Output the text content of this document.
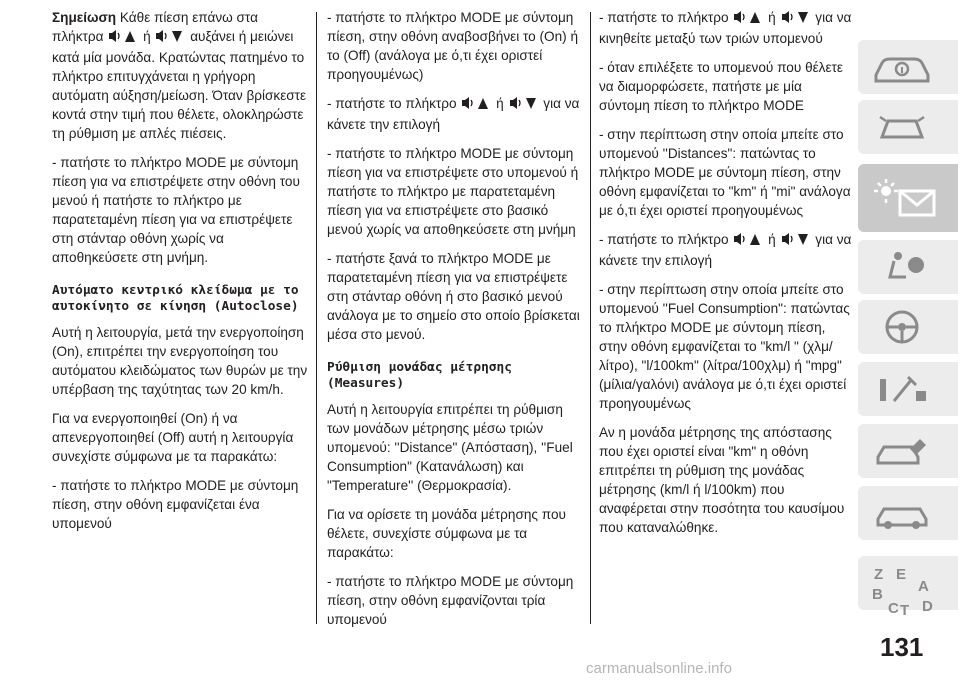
Σημείωση Κάθε πίεση επάνω στα πλήκτρα	ή	αυξάνει ή μειώνει κατά μία μονάδα. Κρατώντας πατημένο το πλήκτρο επιτυγχάνεται η γρήγορη αυτόματη αύξηση/μείωση. Όταν βρίσκεστε κοντά στην τιμή που θέλετε, ολοκληρώστε τη ρύθμιση με απλές πιέσεις.

- πατήστε το πλήκτρο MODE με σύντομη πίεση για να επιστρέψετε στην οθόνη του μενού ή πατήστε το πλήκτρο με παρατεταμένη πίεση για να επιστρέψετε στη στάνταρ οθόνη χωρίς να αποθηκεύσετε στη μνήμη.

Αυτόματο κεντρικό κλείδωμα με το αυτοκίνητο σε κίνηση (Autoclose)

Αυτή η λειτουργία, μετά την ενεργοποίηση (On), επιτρέπει την ενεργοποίηση του αυτόματου κλειδώματος των θυρών με την υπέρβαση της ταχύτητας των 20 km/h.

Για να ενεργοποιηθεί (On) ή να απενεργοποιηθεί (Off) αυτή η λειτουργία συνεχίστε σύμφωνα με τα παρακάτω:

- πατήστε το πλήκτρο MODE με σύντομη πίεση, στην οθόνη εμφανίζεται ένα υπομενού

- πατήστε το πλήκτρο MODE με σύντομη πίεση, στην οθόνη αναβοσβήνει το (On) ή το (Off) (ανάλογα με ό,τι έχει οριστεί προηγουμένως)

- πατήστε το πλήκτρο	ή	για να κάνετε την επιλογή

- πατήστε το πλήκτρο MODE με σύντομη πίεση για να επιστρέψετε στο υπομενού ή πατήστε το πλήκτρο με παρατεταμένη πίεση για να επιστρέψετε στο βασικό μενού χωρίς να αποθηκεύσετε στη μνήμη

- πατήστε ξανά το πλήκτρο MODE με παρατεταμένη πίεση για να επιστρέψετε στη στάνταρ οθόνη ή στο βασικό μενού ανάλογα με το σημείο στο οποίο βρίσκεται μέσα στο μενού.

Ρύθμιση μονάδας μέτρησης (Measures)

Αυτή η λειτουργία επιτρέπει τη ρύθμιση των μονάδων μέτρησης μέσω τριών υπομενού: ''Distance" (Απόσταση), ''Fuel Consumption" (Κατανάλωση) και "Temperature'' (Θερμοκρασία).

Για να ορίσετε τη μονάδα μέτρησης που θέλετε, συνεχίστε σύμφωνα με τα παρακάτω:

- πατήστε το πλήκτρο MODE με σύντομη πίεση, στην οθόνη εμφανίζονται τρία υπομενού

- πατήστε το πλήκτρο	ή	για να κινηθείτε μεταξύ των τριών υπομενού

- όταν επιλέξετε το υπομενού που θέλετε να διαμορφώσετε, πατήστε με μία σύντομη πίεση το πλήκτρο MODE

- στην περίπτωση στην οποία μπείτε στο υπομενού ''Distances": πατώντας το πλήκτρο MODE με σύντομη πίεση, στην οθόνη εμφανίζεται το "km" ή "mi" ανάλογα με ό,τι έχει οριστεί προηγουμένως

- πατήστε το πλήκτρο	ή	για να κάνετε την επιλογή

- στην περίπτωση στην οποία μπείτε στο υπομενού ''Fuel Consumption": πατώντας το πλήκτρο MODE με σύντομη πίεση, στην οθόνη εμφανίζεται το "km/l " (χλμ/λίτρο), "l/100km" (λίτρα/100χλμ) ή "mpg" (μίλια/γαλόνι) ανάλογα με ό,τι έχει οριστεί προηγουμένως

Αν η μονάδα μέτρησης της απόστασης που έχει οριστεί είναι "km" η οθόνη επιτρέπει τη ρύθμιση της μονάδας μέτρησης (km/l ή l/100km) που αναφέρεται στην ποσότητα του καυσίμου που καταναλώθηκε.

Z E
A
B
C T D
131
carmanualsonline.info
